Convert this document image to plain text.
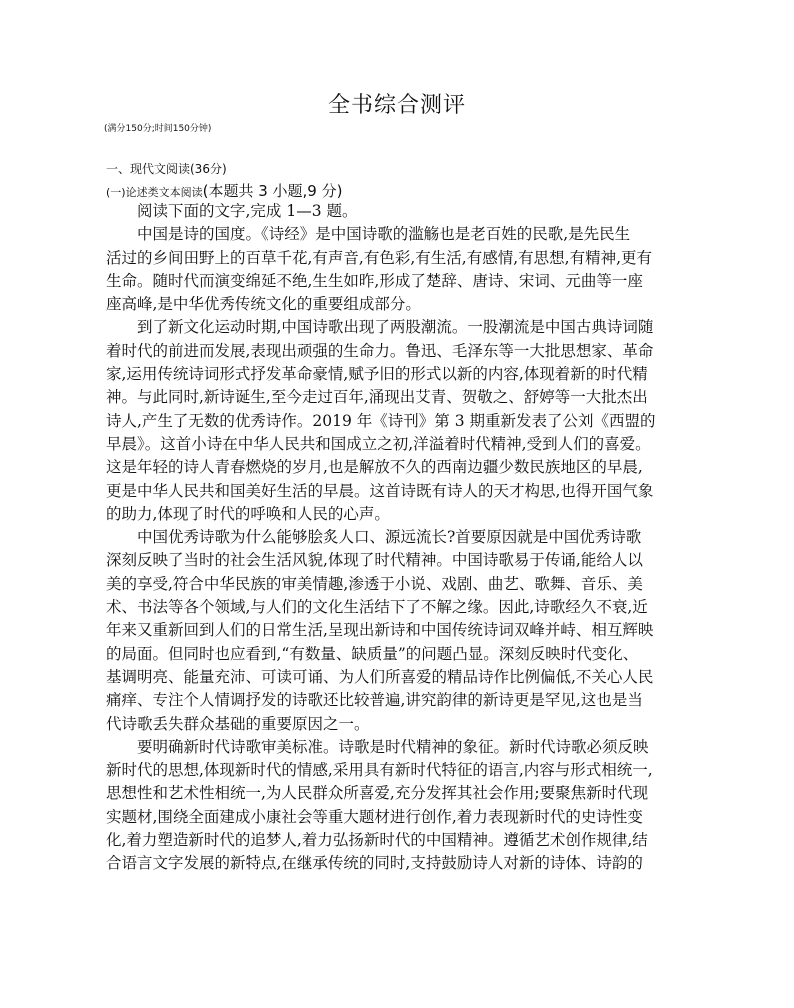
全书综合测评
(满分150分;时间150分钟)
一、现代文阅读(36分)
(一)论述类文本阅读(本题共 3 小题,9 分)
阅读下面的文字,完成 1—3 题。
中国是诗的国度。《诗经》是中国诗歌的滥觞也是老百姓的民歌,是先民生
活过的乡间田野上的百草千花,有声音,有色彩,有生活,有感情,有思想,有精神,更有
生命。随时代而演变绵延不绝,生生如昨,形成了楚辞、唐诗、宋词、元曲等一座
座高峰,是中华优秀传统文化的重要组成部分。
到了新文化运动时期,中国诗歌出现了两股潮流。一股潮流是中国古典诗词随
着时代的前进而发展,表现出顽强的生命力。鲁迅、毛泽东等一大批思想家、革命
家,运用传统诗词形式抒发革命豪情,赋予旧的形式以新的内容,体现着新的时代精
神。与此同时,新诗诞生,至今走过百年,涌现出艾青、贺敬之、舒婷等一大批杰出
诗人,产生了无数的优秀诗作。2019 年《诗刊》第 3 期重新发表了公刘《西盟的
早晨》。这首小诗在中华人民共和国成立之初,洋溢着时代精神,受到人们的喜爱。
这是年轻的诗人青春燃烧的岁月,也是解放不久的西南边疆少数民族地区的早晨,
更是中华人民共和国美好生活的早晨。这首诗既有诗人的天才构思,也得开国气象
的助力,体现了时代的呼唤和人民的心声。
中国优秀诗歌为什么能够脍炙人口、源远流长?首要原因就是中国优秀诗歌
深刻反映了当时的社会生活风貌,体现了时代精神。中国诗歌易于传诵,能给人以
美的享受,符合中华民族的审美情趣,渗透于小说、戏剧、曲艺、歌舞、音乐、美
术、书法等各个领域,与人们的文化生活结下了不解之缘。因此,诗歌经久不衰,近
年来又重新回到人们的日常生活,呈现出新诗和中国传统诗词双峰并峙、相互辉映
的局面。但同时也应看到,“有数量、缺质量”的问题凸显。深刻反映时代变化、
基调明亮、能量充沛、可读可诵、为人们所喜爱的精品诗作比例偏低,不关心人民
痛痒、专注个人情调抒发的诗歌还比较普遍,讲究韵律的新诗更是罕见,这也是当
代诗歌丢失群众基础的重要原因之一。
要明确新时代诗歌审美标准。诗歌是时代精神的象征。新时代诗歌必须反映
新时代的思想,体现新时代的情感,采用具有新时代特征的语言,内容与形式相统一,
思想性和艺术性相统一,为人民群众所喜爱,充分发挥其社会作用;要聚焦新时代现
实题材,围绕全面建成小康社会等重大题材进行创作,着力表现新时代的史诗性变
化,着力塑造新时代的追梦人,着力弘扬新时代的中国精神。遵循艺术创作规律,结
合语言文字发展的新特点,在继承传统的同时,支持鼓励诗人对新的诗体、诗韵的
